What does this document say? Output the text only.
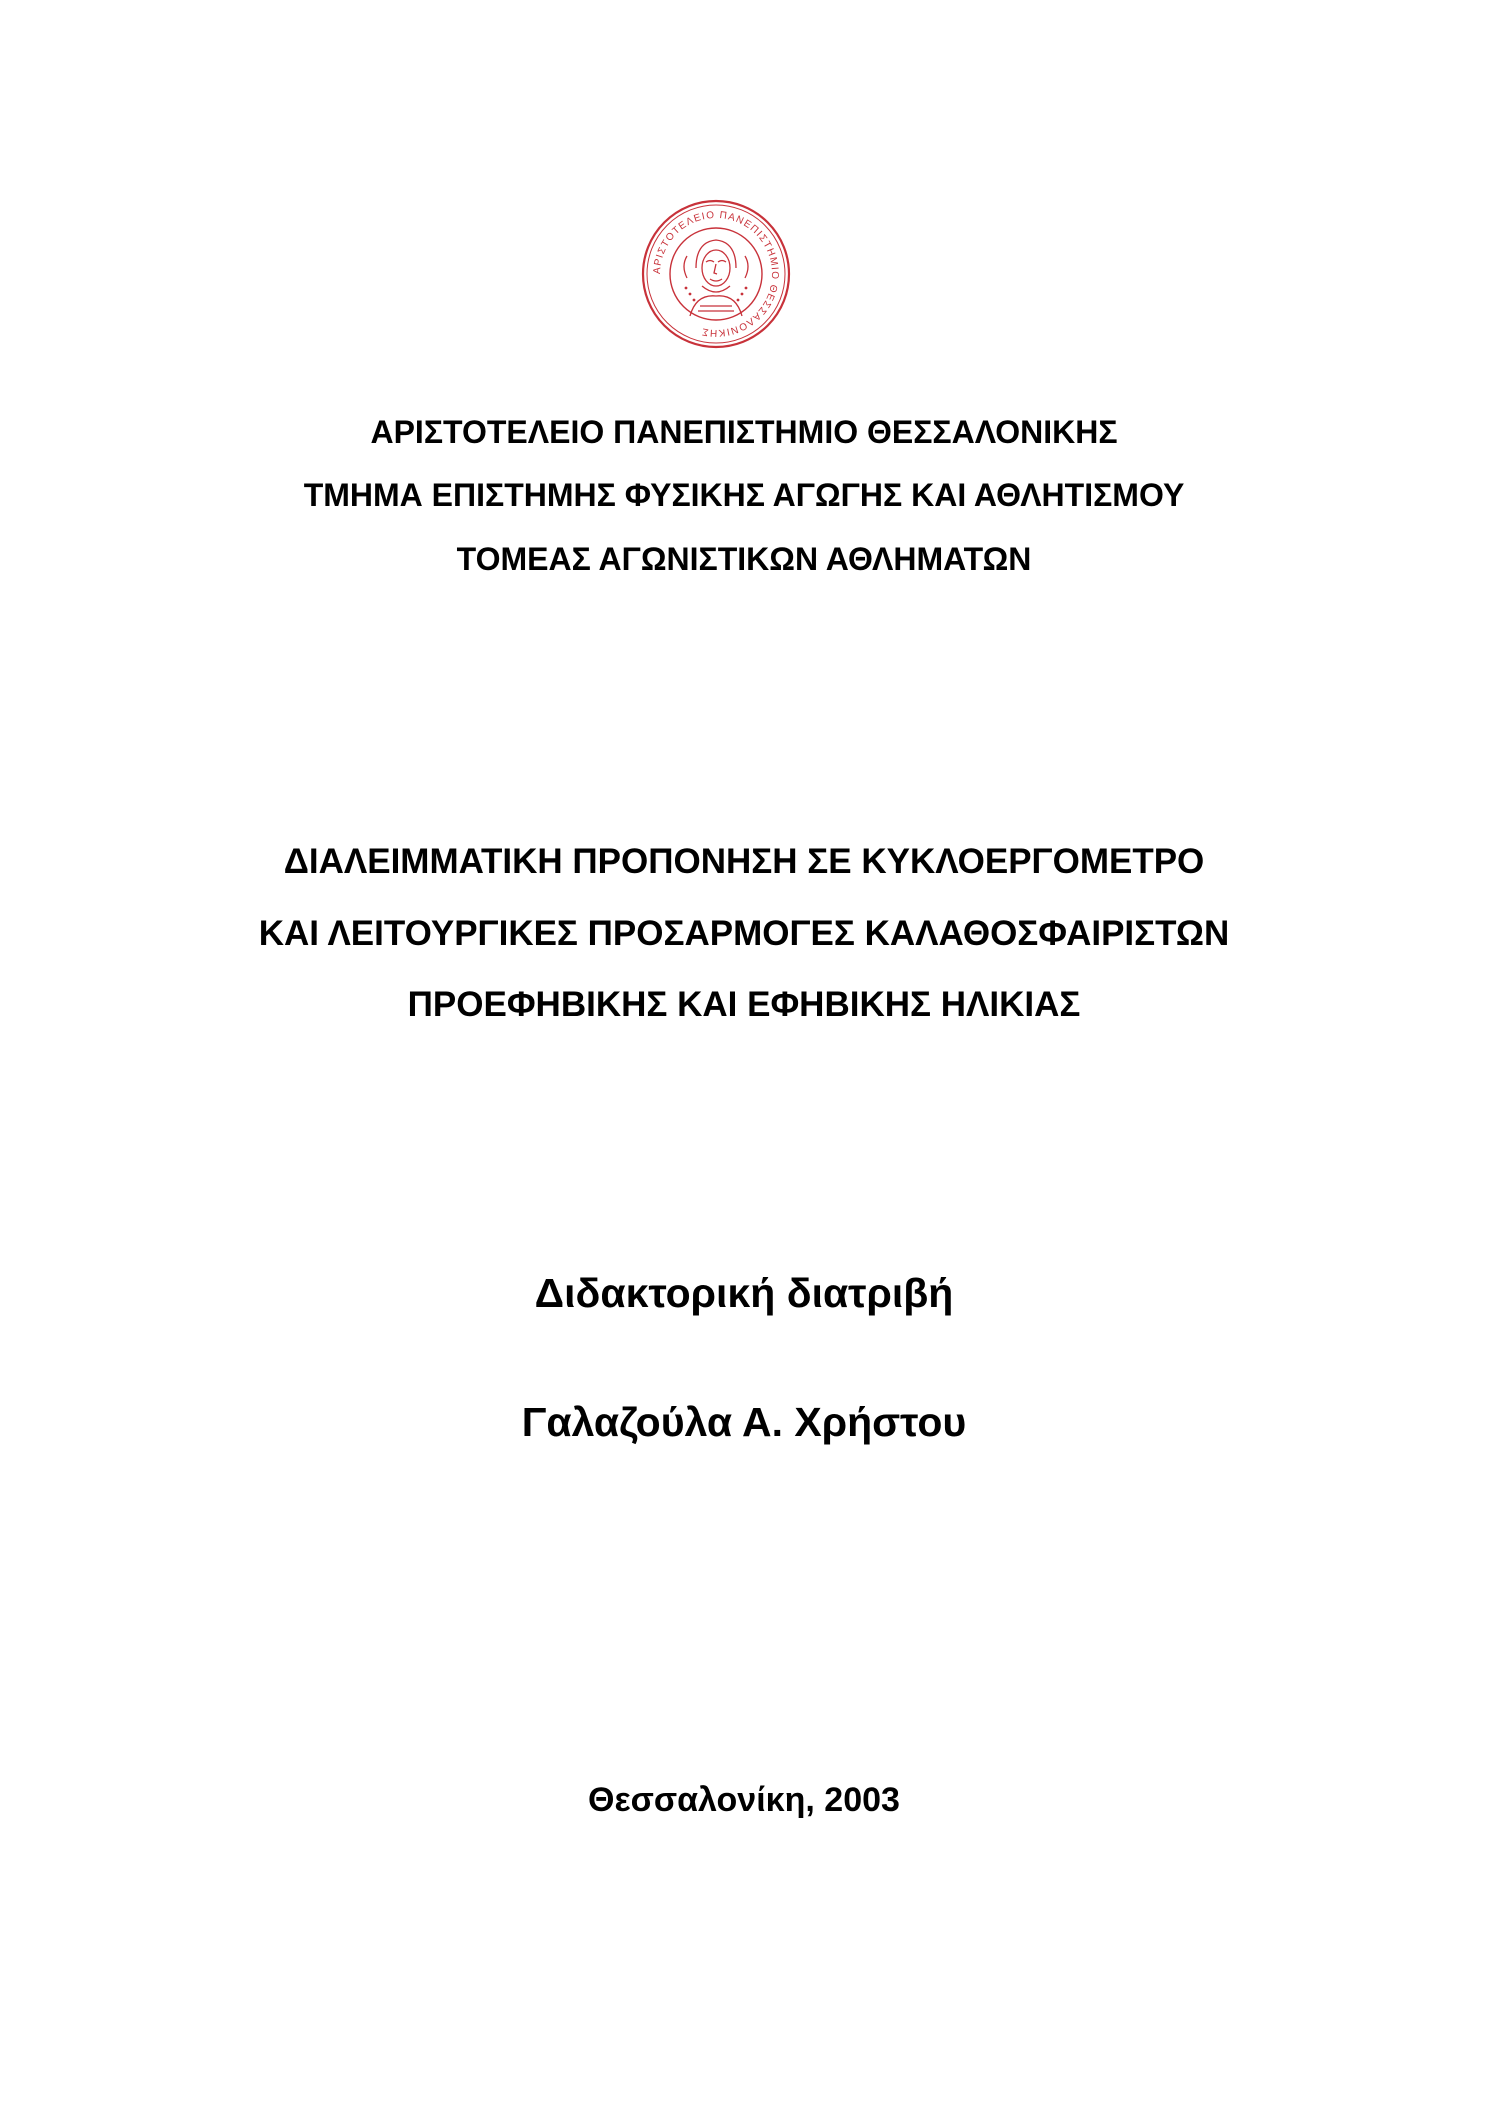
ΑΡΙΣΤΟΤΕΛΕΙΟ ΠΑΝΕΠΙΣΤΗΜΙΟ ΘΕΣΣΑΛΟΝΙΚΗΣ
ΑΡΙΣΤΟΤΕΛΕΙΟ ΠΑΝΕΠΙΣΤΗΜΙΟ ΘΕΣΣΑΛΟΝΙΚΗΣ
ΤΜΗΜΑ ΕΠΙΣΤΗΜΗΣ ΦΥΣΙΚΗΣ ΑΓΩΓΗΣ ΚΑΙ ΑΘΛΗΤΙΣΜΟΥ
ΤΟΜΕΑΣ ΑΓΩΝΙΣΤΙΚΩΝ ΑΘΛΗΜΑΤΩΝ
ΔΙΑΛΕΙΜΜΑΤΙΚΗ ΠΡΟΠΟΝΗΣΗ ΣΕ ΚΥΚΛΟΕΡΓΟΜΕΤΡΟ
ΚΑΙ ΛΕΙΤΟΥΡΓΙΚΕΣ ΠΡΟΣΑΡΜΟΓΕΣ ΚΑΛΑΘΟΣΦΑΙΡΙΣΤΩΝ
ΠΡΟΕΦΗΒΙΚΗΣ ΚΑΙ ΕΦΗΒΙΚΗΣ ΗΛΙΚΙΑΣ
Διδακτορική διατριβή
Γαλαζούλα Α. Χρήστου
Θεσσαλονίκη, 2003
